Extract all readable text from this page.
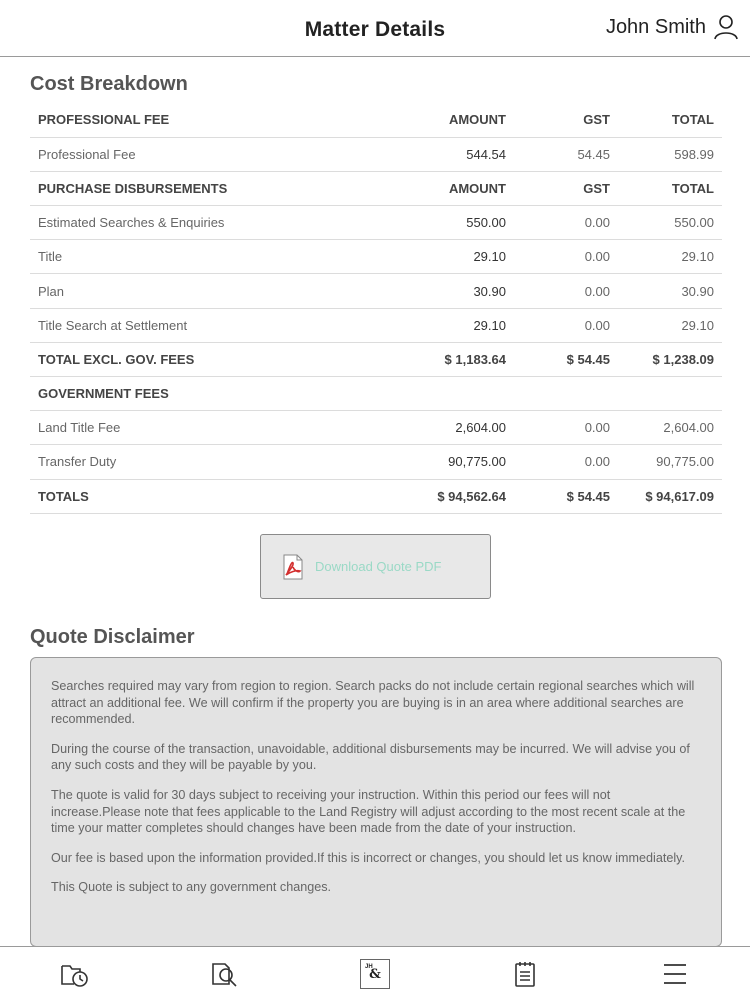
Matter Details	John Smith
Cost Breakdown
PROFESSIONAL FEE	AMOUNT	GST	TOTAL
Professional Fee	544.54	54.45	598.99
PURCHASE DISBURSEMENTS	AMOUNT	GST	TOTAL
Estimated Searches & Enquiries	550.00	0.00	550.00
Title	29.10	0.00	29.10
Plan	30.90	0.00	30.90
Title Search at Settlement	29.10	0.00	29.10
TOTAL EXCL. GOV. FEES	$ 1,183.64	$ 54.45	$ 1,238.09
GOVERNMENT FEES			
Land Title Fee	2,604.00	0.00	2,604.00
Transfer Duty	90,775.00	0.00	90,775.00
TOTALS	$ 94,562.64	$ 54.45	$ 94,617.09
Download Quote PDF
Quote Disclaimer

Searches required may vary from region to region. Search packs do not include certain regional searches which will attract an additional fee. We will confirm if the property you are buying is in an area where additional searches are recommended.

During the course of the transaction, unavoidable, additional disbursements may be incurred. We will advise you of any such costs and they will be payable by you.

The quote is valid for 30 days subject to receiving your instruction. Within this period our fees will not increase.Please note that fees applicable to the Land Registry will adjust according to the most recent scale at the time your matter completes should changes have been made from the date of your instruction.

Our fee is based upon the information provided.If this is incorrect or changes, you should let us know immediately.

This Quote is subject to any government changes.

JH
&
